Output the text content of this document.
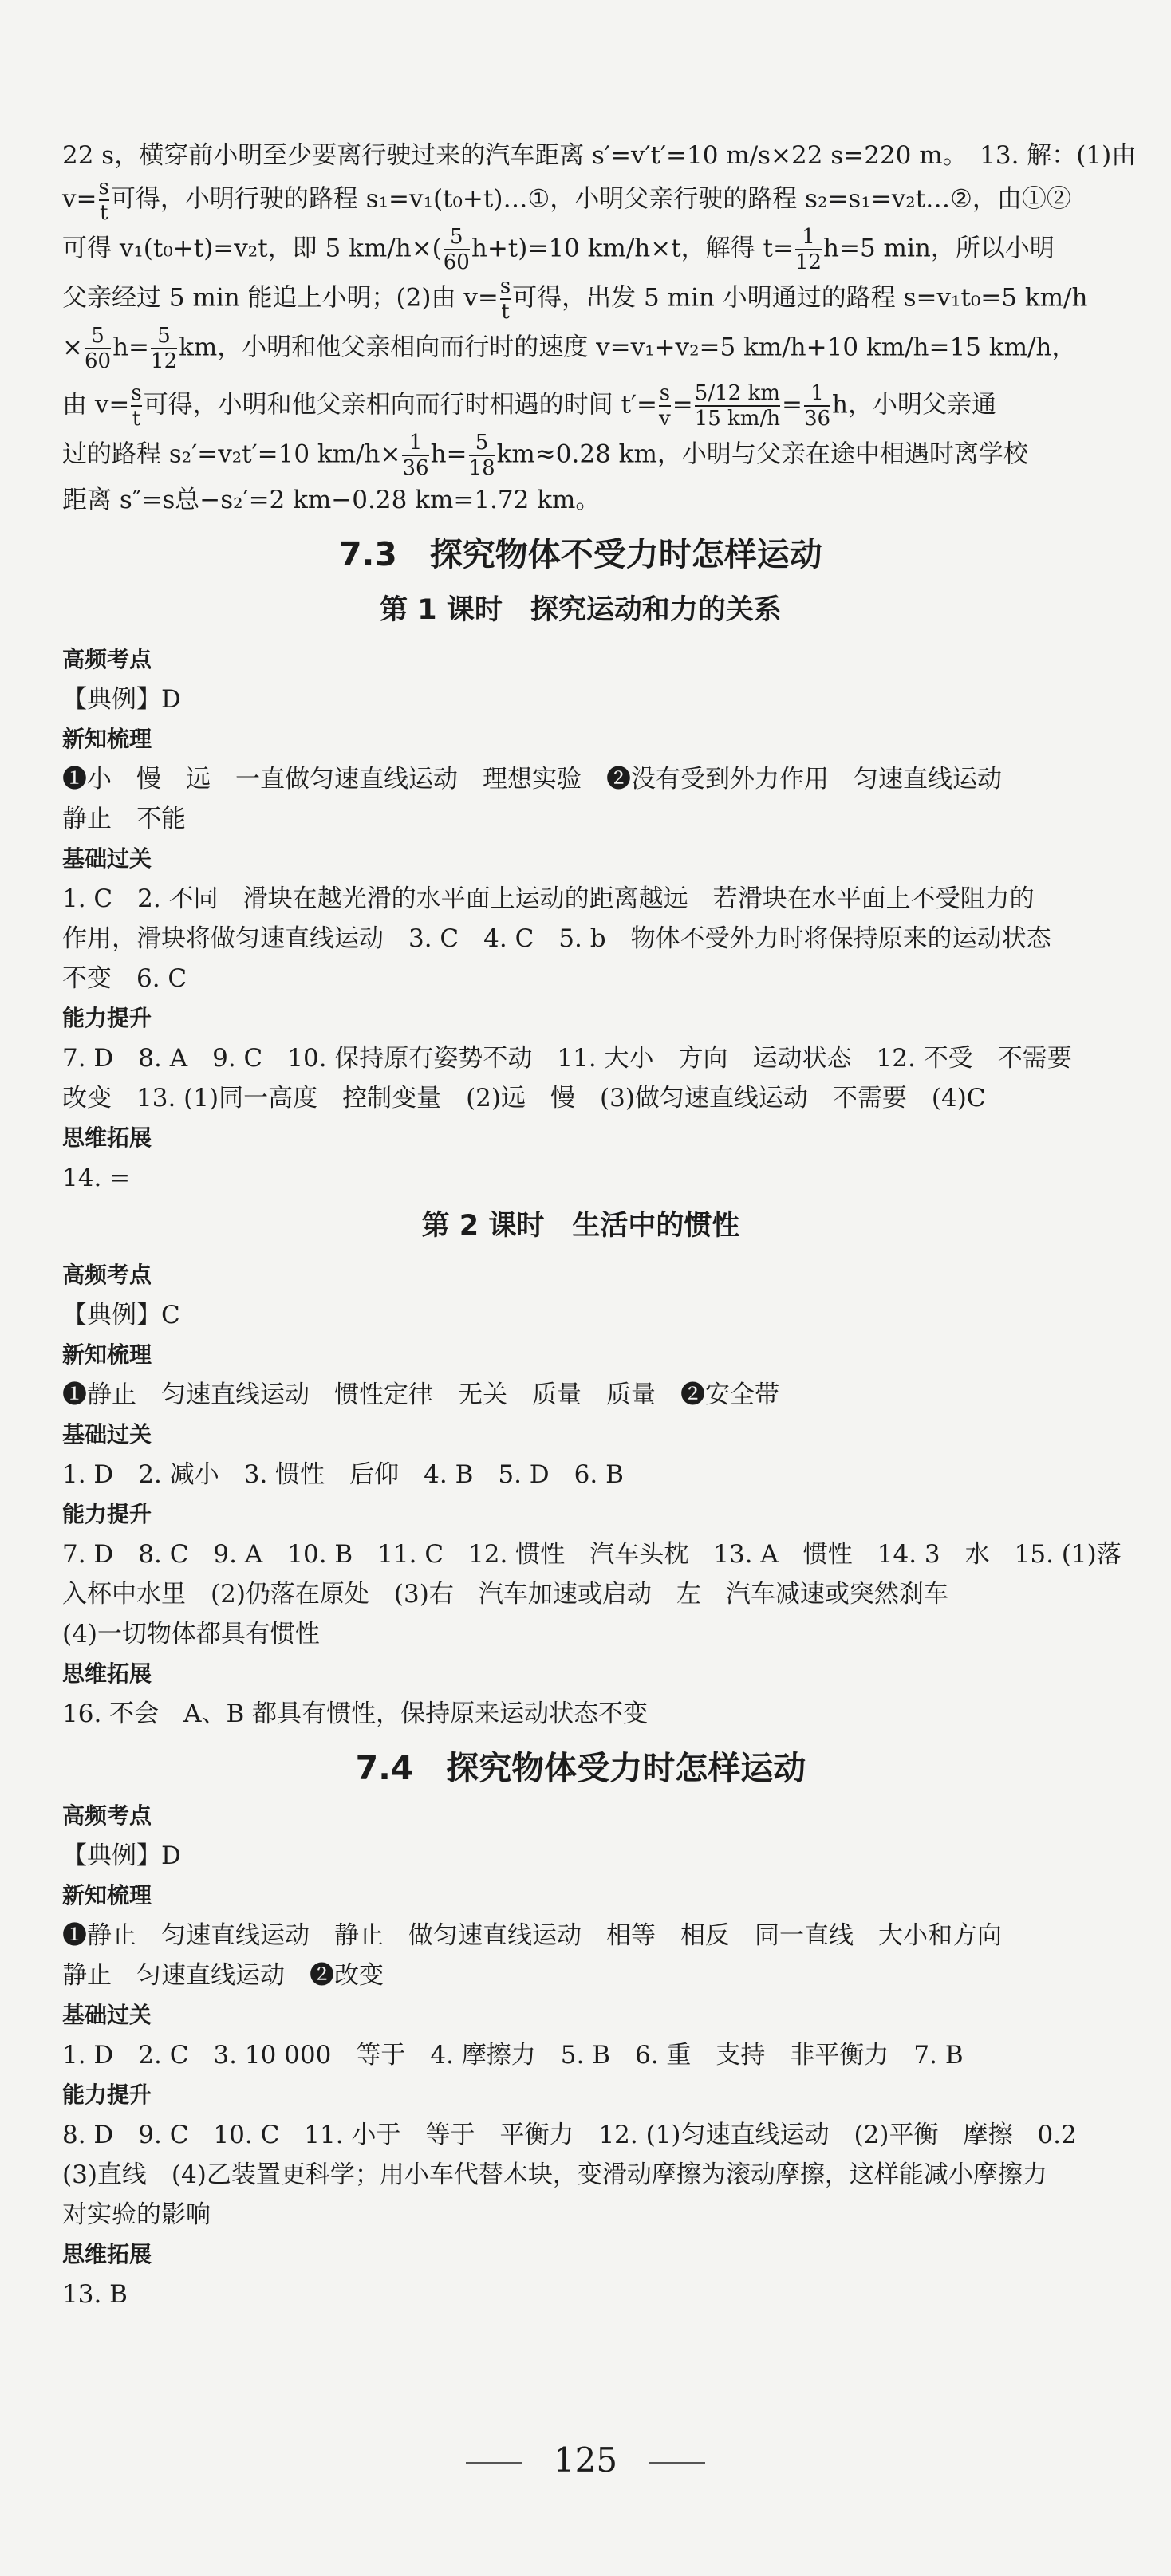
22 s，横穿前小明至少要离行驶过来的汽车距离 s′=v′t′=10 m/s×22 s=220 m。　13. 解：(1)由

$v= \frac{s}{t}$ 可得，小明行驶的路程 s₁=v₁(t₀+t)…①，小明父亲行驶的路程 s₂=s₁=v₂t…②，由①②

可得 v₁(t₀+t)=v₂t，即 5 $km/h\times( \frac{5}{60} h+t)=10$ km/h×t，解得 $t= \frac{1}{12} h=5$ min，所以小明

父亲经过 5 min 能追上小明；(2)由 $v= \frac{s}{t}$ 可得，出发 5 min 小明通过的路程 s=v₁t₀=5 km/h

× $\frac{5}{60} h= \frac{5}{12}$ km，小明和他父亲相向而行时的速度 v=v₁+v₂=5 km/h+10 km/h=15 km/h，

由 $v= \frac{s}{t}$ 可得，小明和他父亲相向而行时相遇的时间 $t'= \frac{s}{v} = \frac{5/12 km}{15 km/h} = \frac{1}{36}$ h，小明父亲通

过的路程 s₂′=v₂t′=10 $km/h\times \frac{1}{36} h= \frac{5}{18} km\approx 0.28$ km，小明与父亲在途中相遇时离学校

距离 s″=s总−s₂′=2 km−0.28 km=1.72 km。

7.3　探究物体不受力时怎样运动
第 1 课时　探究运动和力的关系

高频考点

【典例】D

新知梳理

❶小　慢　远　一直做匀速直线运动　理想实验　❷没有受到外力作用　匀速直线运动

静止　不能

基础过关

1. C　2. 不同　滑块在越光滑的水平面上运动的距离越远　若滑块在水平面上不受阻力的

作用，滑块将做匀速直线运动　3. C　4. C　5. b　物体不受外力时将保持原来的运动状态

不变　6. C

能力提升

7. D　8. A　9. C　10. 保持原有姿势不动　11. 大小　方向　运动状态　12. 不受　不需要

改变　13. (1)同一高度　控制变量　(2)远　慢　(3)做匀速直线运动　不需要　(4)C

思维拓展

14. =

第 2 课时　生活中的惯性

高频考点

【典例】C

新知梳理

❶静止　匀速直线运动　惯性定律　无关　质量　质量　❷安全带

基础过关

1. D　2. 减小　3. 惯性　后仰　4. B　5. D　6. B

能力提升

7. D　8. C　9. A　10. B　11. C　12. 惯性　汽车头枕　13. A　惯性　14. 3　水　15. (1)落

入杯中水里　(2)仍落在原处　(3)右　汽车加速或启动　左　汽车减速或突然刹车

(4)一切物体都具有惯性

思维拓展

16. 不会　A、B 都具有惯性，保持原来运动状态不变

7.4　探究物体受力时怎样运动

高频考点

【典例】D

新知梳理

❶静止　匀速直线运动　静止　做匀速直线运动　相等　相反　同一直线　大小和方向

静止　匀速直线运动　❷改变

基础过关

1. D　2. C　3. 10 000　等于　4. 摩擦力　5. B　6. 重　支持　非平衡力　7. B

能力提升

8. D　9. C　10. C　11. 小于　等于　平衡力　12. (1)匀速直线运动　(2)平衡　摩擦　0.2

(3)直线　(4)乙装置更科学；用小车代替木块，变滑动摩擦为滚动摩擦，这样能减小摩擦力

对实验的影响

思维拓展

13. B

125
